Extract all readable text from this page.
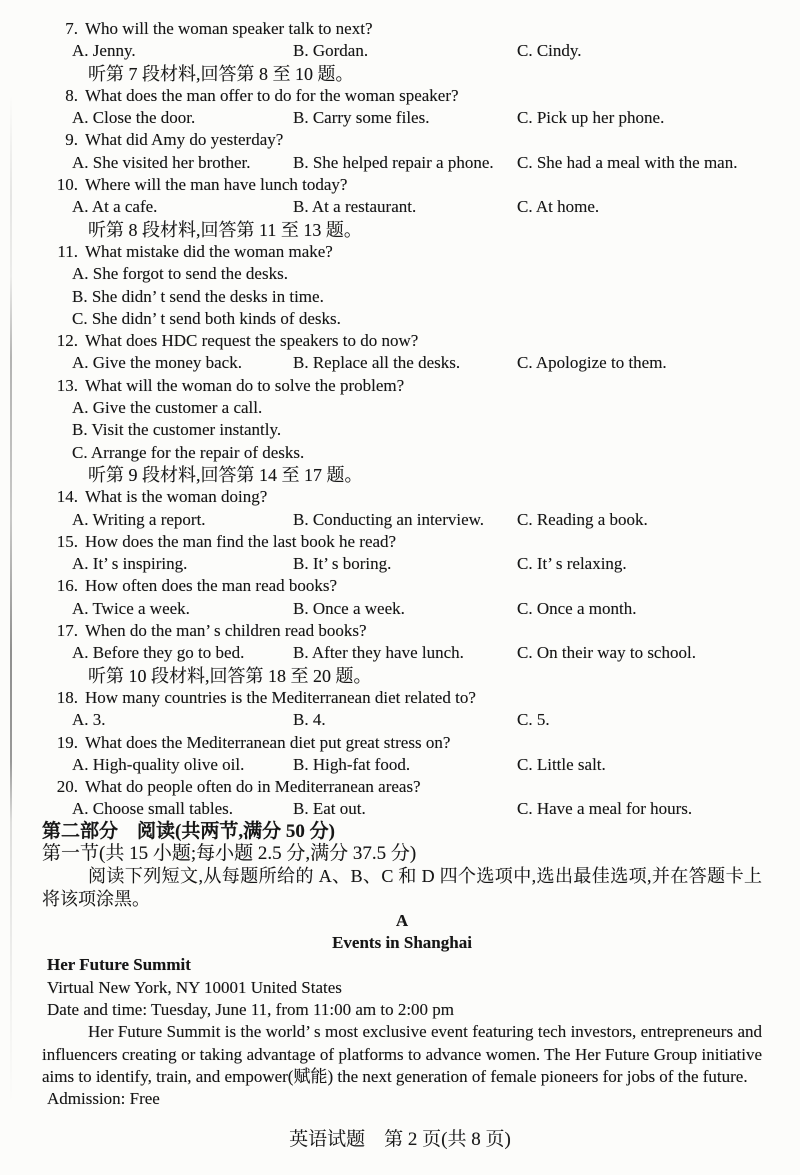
7. Who will the woman speaker talk to next?
A. Jenny.	B. Gordan.	C. Cindy.
听第 7 段材料,回答第 8 至 10 题。
8. What does the man offer to do for the woman speaker?
A. Close the door.	B. Carry some files.	C. Pick up her phone.
9. What did Amy do yesterday?
A. She visited her brother.	B. She helped repair a phone. C. She had a meal with the man.
10. Where will the man have lunch today?
A. At a cafe.	B. At a restaurant.	C. At home.
听第 8 段材料,回答第 11 至 13 题。
11. What mistake did the woman make?
A. She forgot to send the desks.
B. She didn’ t send the desks in time.
C. She didn’ t send both kinds of desks.
12. What does HDC request the speakers to do now?
A. Give the money back.	B. Replace all the desks.	C. Apologize to them.
13. What will the woman do to solve the problem?
A. Give the customer a call.
B. Visit the customer instantly.
C. Arrange for the repair of desks.
听第 9 段材料,回答第 14 至 17 题。
14. What is the woman doing?
A. Writing a report.	B. Conducting an interview. C. Reading a book.
15. How does the man find the last book he read?
A. It’ s inspiring.	B. It’ s boring.	C. It’ s relaxing.
16. How often does the man read books?
A. Twice a week.	B. Once a week.	C. Once a month.
17. When do the man’ s children read books?
A. Before they go to bed.	B. After they have lunch.	C. On their way to school.
听第 10 段材料,回答第 18 至 20 题。
18. How many countries is the Mediterranean diet related to?
A. 3.	B. 4.	C. 5.
19. What does the Mediterranean diet put great stress on?
A. High-quality olive oil.	B. High-fat food.	C. Little salt.
20. What do people often do in Mediterranean areas?
A. Choose small tables.	B. Eat out.	C. Have a meal for hours.
第二部分　阅读(共两节,满分 50 分)
第一节(共 15 小题;每小题 2.5 分,满分 37.5 分)
阅读下列短文,从每题所给的 A、B、C 和 D 四个选项中,选出最佳选项,并在答题卡上将该项涂黑。
A
Events in Shanghai
Her Future Summit
Virtual New York, NY 10001 United States
Date and time: Tuesday, June 11, from 11:00 am to 2:00 pm
Her Future Summit is the world’ s most exclusive event featuring tech investors, entrepreneurs and influencers creating or taking advantage of platforms to advance women. The Her Future Group initiative aims to identify, train, and empower(赋能) the next generation of female pioneers for jobs of the future.
Admission: Free
英语试题　第 2 页(共 8 页)
